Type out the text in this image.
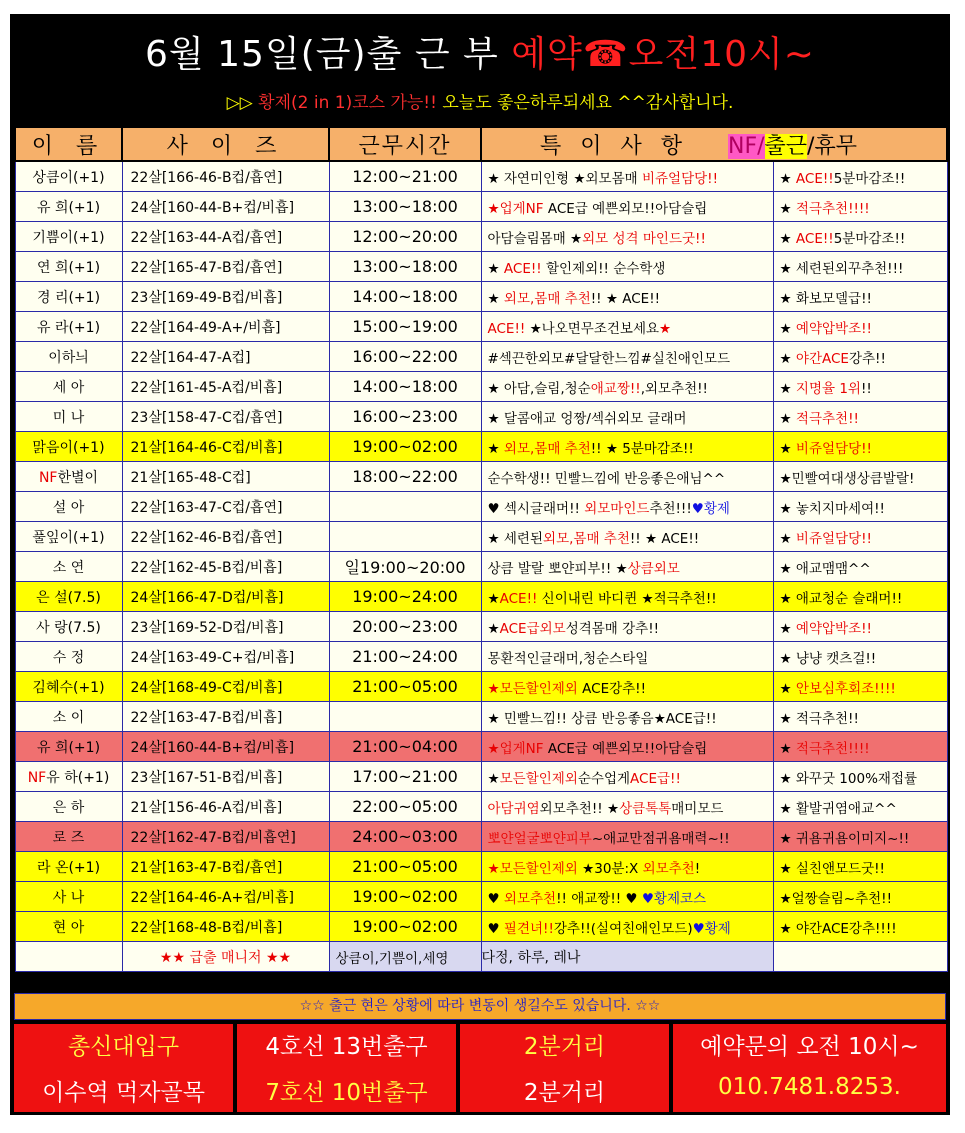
6월 15일(금)출 근 부 예약☎오전10시~
▷▷ 황제(2 in 1)코스 가능!! 오늘도 좋은하루되세요 ^^감사합니다.
이 름	사 이 즈	근무시간	특 이 사 항 NF/출근/휴무	
상큼이(+1)	22살[166-46-B컵/흡연]	12:00~21:00	★ 자연미인형 ★외모몸매 비쥬얼담당!!	★ ACE!!5분마감조!!
유 희(+1)	24살[160-44-B+컵/비흡]	13:00~18:00	★업게NF ACE급 예쁜외모!!아담슬립	★ 적극추천!!!!
기쁨이(+1)	22살[163-44-A컵/흡연]	12:00~20:00	아담슬림몸매 ★외모 성격 마인드굿!!	★ ACE!!5분마감조!!
연 희(+1)	22살[165-47-B컵/흡연]	13:00~18:00	★ ACE!! 할인제외!! 순수학생	★ 세련된외꾸추천!!!
경 리(+1)	23살[169-49-B컵/비흡]	14:00~18:00	★ 외모,몸매 추천!! ★ ACE!!	★ 화보모델급!!
유 라(+1)	22살[164-49-A+/비흡]	15:00~19:00	ACE!! ★나오면무조건보세요★	★ 예약압박조!!
이하늬	22살[164-47-A컵]	16:00~22:00	#섹끈한외모#달달한느낌#실친애인모드	★ 야간ACE강추!!
세 아	22살[161-45-A컵/비흡]	14:00~18:00	★ 아담,슬림,청순애교짱!!,외모추천!!	★ 지명율 1위!!
미 나	23살[158-47-C컵/흡연]	16:00~23:00	★ 달콤애교 엉짱/섹쉬외모 글래머	★ 적극추천!!
맑음이(+1)	21살[164-46-C컵/비흡]	19:00~02:00	★ 외모,몸매 추천!! ★ 5분마감조!!	★ 비쥬얼담당!!
NF한별이	21살[165-48-C컵]	18:00~22:00	순수학생!! 민빨느낌에 반응좋은애님^^	★민빨여대생상큼발랄!
설 아	22살[163-47-C컵/흡연]		♥ 섹시글래머!! 외모마인드추천!!!♥황제	★ 놓치지마세여!!
풀잎이(+1)	22살[162-46-B컵/흡연]		★ 세련된외모,몸매 추천!! ★ ACE!!	★ 비쥬얼담당!!
소 연	22살[162-45-B컵/비흡]	일19:00~20:00	상큼 발랄 뽀얀피부!! ★상큼외모	★ 애교맴맴^^
은 설(7.5)	24살[166-47-D컵/비흡]	19:00~24:00	★ACE!! 신이내린 바디퀸 ★적극추천!!	★ 애교청순 슬래머!!
사 랑(7.5)	23살[169-52-D컵/비흡]	20:00~23:00	★ACE급외모성격몸매 강추!!	★ 예약압박조!!
수 정	24살[163-49-C+컵/비흡]	21:00~24:00	몽환적인글래머,청순스타일	★ 냥냥 캣츠걸!!
김혜수(+1)	24살[168-49-C컵/비흡]	21:00~05:00	★모든할인제외 ACE강추!!	★ 안보심후회조!!!!
소 이	22살[163-47-B컵/비흡]		★ 민빨느낌!! 상큼 반응좋음★ACE급!!	★ 적극추천!!
유 희(+1)	24살[160-44-B+컵/비흡]	21:00~04:00	★업게NF ACE급 예쁜외모!!아담슬립	★ 적극추천!!!!
NF유 하(+1)	23살[167-51-B컵/비흡]	17:00~21:00	★모든할인제외순수업게ACE급!!	★ 와꾸굿 100%재접률
은 하	21살[156-46-A컵/비흡]	22:00~05:00	아담귀염외모추천!! ★상큼톡톡매미모드	★ 활발귀염애교^^
로 즈	22살[162-47-B컵/비흡연]	24:00~03:00	뽀얀얼굴뽀얀피부~애교만점귀욤매력~!!	★ 귀욤귀욤이미지~!!
라 온(+1)	21살[163-47-B컵/흡연]	21:00~05:00	★모든할인제외 ★30분:X 외모추천!	★ 실친앤모드굿!!
사 나	22살[164-46-A+컵/비흡]	19:00~02:00	♥ 외모추천!! 애교짱!! ♥ ♥황제코스	★얼짱슬림~추천!!
현 아	22살[168-48-B컵/비흡]	19:00~02:00	♥ 필견녀!!강추!!(실여친애인모드)♥황제	★ 야간ACE강추!!!!
	★★ 급출 매니저 ★★	상큼이,기쁨이,세영	다정, 하루, 레나	
☆☆ 출근 현은 상황에 따라 변동이 생길수도 있습니다. ☆☆
총신대입구
이수역 먹자골목
4호선 13번출구
7호선 10번출구
2분거리
2분거리
예약문의 오전 10시~
010.7481.8253.
